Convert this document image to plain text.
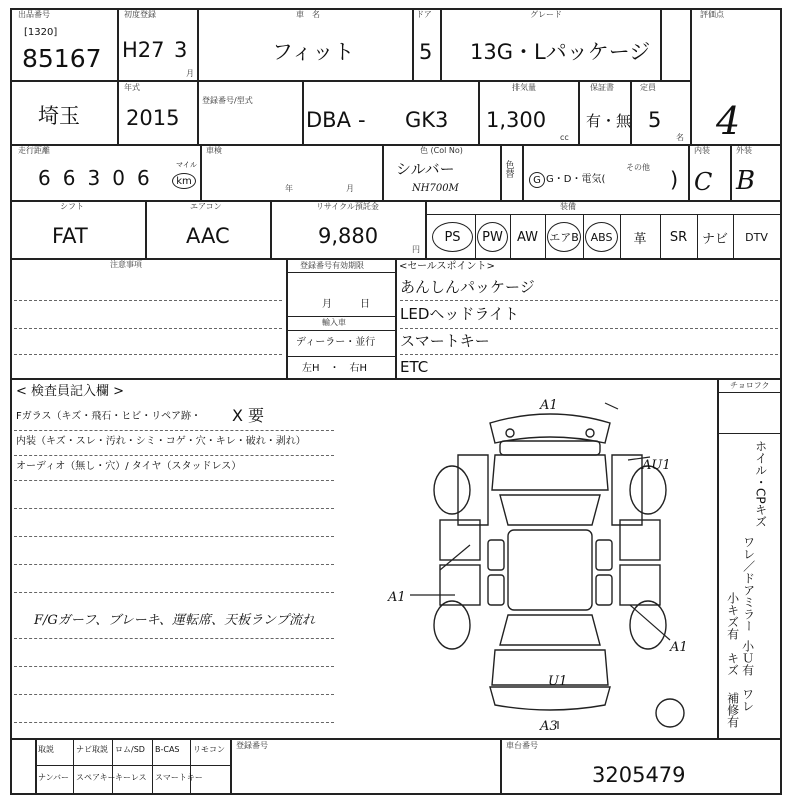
出品番号
[1320]
85167
初度登録
H27 3
月
車　名
フィット
ドア
5
グレード
13G・Lパッケージ
評価点
4
埼玉
年式
2015
登録番号/型式
DBA - GK3
排気量
1,300
cc
保証書
有・無
定員
5
名
走行距離
6 6 3 0 6
マイル
km
車検
年	月
色 (Col No)
シルバー
NH700M
色替
G G・D・電気(
その他
)
内装
C
外装
B
シフト
FAT
エアコン
AAC
リサイクル預託金
9,880
円
装備
PS	PW	AW	エアB	ABS	革	SR	ナビ	DTV
注意事項	登録番号有効期限
月	日
輸入車
ディーラー・並行
左H　・　右H
<セールスポイント>
あんしんパッケージ
LEDヘッドライト
スマートキー
ETC
< 検査員記入欄 >
Fガラス（キズ・飛石・ヒビ・リペア跡・ X 要
内装（キズ・スレ・汚れ・シミ・コゲ・穴・キレ・破れ・剥れ）
オーディオ（無し・穴）/ タイヤ（スタッドレス）
F/Gガーフ、ブレーキ、運転席、天板ランプ流れ
チョロフク
ホイル・CPキズ
ワレ／ドアミラー
小キズ有　キズ 小Ｕ有　ワレ
補修有
A1
AU1
A1
A1
U1
A3
取説	ナビ取説 ロム/SD B-CAS リモコン
ナンバー スペアキー キーレス スマートキー
登録番号	車台番号
3205479
